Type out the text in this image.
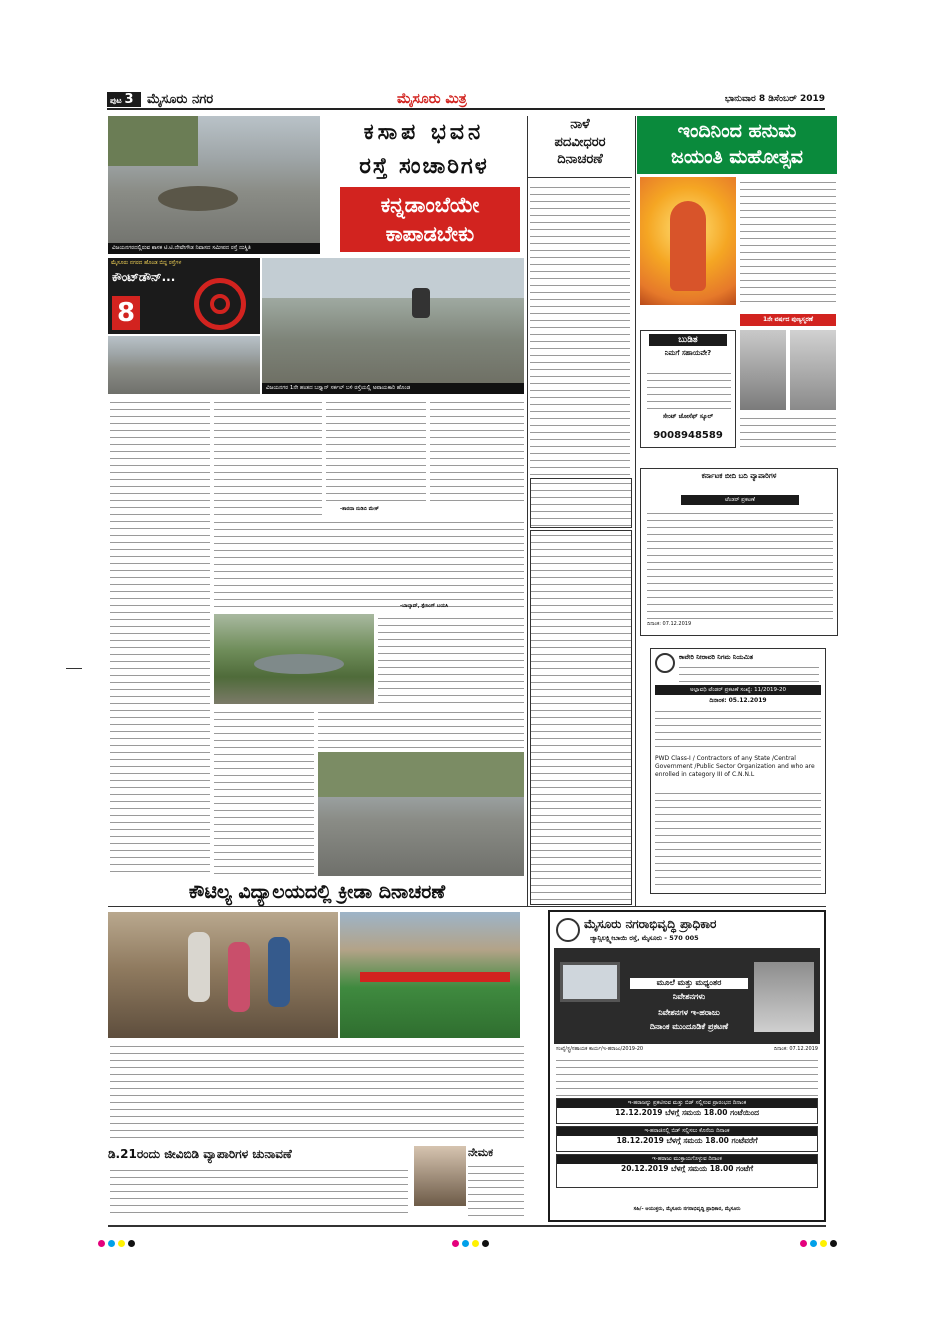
ಪುಟ 3	ಮೈಸೂರು ನಗರ	ಮೈಸೂರು ಮಿತ್ರ	ಭಾನುವಾರ 8 ಡಿಸೆಂಬರ್ 2019
ವಿಜಯನಗರದಲ್ಲಿರುವ ಶಾಸಕ ಟಿ.ಟಿ.ದೇವೇಗೌಡ ನಿವಾಸದ ಸಮೀಪದ ರಸ್ತೆ ದುಸ್ಥಿತಿ
ಕಸಾಪ ಭವನ
ರಸ್ತೆ ಸಂಚಾರಿಗಳ
ಕನ್ನಡಾಂಬೆಯೇ
ಕಾಪಾಡಬೇಕು
ನಾಳೆ
ಪದವೀಧರರ
ದಿನಾಚರಣೆ
ಇಂದಿನಿಂದ ಹನುಮ
ಜಯಂತಿ ಮಹೋತ್ಸವ
1ನೇ ವರ್ಷದ ಪುಣ್ಯಸ್ಮರಣೆ
ಬುಡಿತ
ನಿಮಗೆ ಸಹಾಯವೇ?
ಸೇಂಟ್ ಜೋಸೆಫ್ ಸ್ಕೂಲ್
9008948589
ಮೈಸೂರು ನಗರದ ಹೊಂಡ ಬಿದ್ದ ರಸ್ತೆಗಳ
ಕೌಂಟ್‌ಡೌನ್...
8
ವಿಜಯನಗರ 1ನೇ ಹಂತದ ಬಸ್ತ್ಯಾನ್ ಸರ್ಕಲ್ ಬಳಿ ರಸ್ತೆಯಲ್ಲಿ ಅಪಾಯಕಾರಿ ಹೊಂಡ
-ಶಾರದಾ ನುಡಿಬಿ ಮೇಕ್
-ಬಾಲ್ಕಾವ್, ಸ್ಪೇಸಿಂಗ್ ಬಯಸಿ
ಕರ್ನಾಟಕ ಬೀದಿ ಬದಿ ವ್ಯಾಪಾರಿಗಳ
ಟೆಂಡರ್ ಪ್ರಕಟಣೆ
ದಿನಾಂಕ: 07.12.2019
ಕಾವೇರಿ ನೀರಾವರಿ ನಿಗಮ ನಿಯಮಿತ
ಅಲ್ಪಾವಧಿ ಟೆಂಡರ್ ಪ್ರಕಟಣೆ ಸಂಖ್ಯೆ: 11/2019-20
ದಿನಾಂಕ: 05.12.2019
PWD Class-I / Contractors of any State /Central Government /Public Sector Organization and who are enrolled in category III of C.N.N.L
ಕೌಟಿಲ್ಯ ವಿದ್ಯಾಲಯದಲ್ಲಿ ಕ್ರೀಡಾ ದಿನಾಚರಣೆ
ಡಿ.21ರಂದು ಜೀವಿಬಿಡಿ ವ್ಯಾಪಾರಿಗಳ ಚುನಾವಣೆ	ನೇಮಕ
ಮೈಸೂರು ನಗರಾಭಿವೃದ್ಧಿ ಪ್ರಾಧಿಕಾರ
ಜ್ಯಾನ್ಸಿಲಕ್ಷ್ಮೀಬಾಯಿ ರಸ್ತೆ, ಮೈಸೂರು - 570 005
ಮೂಲೆ ಮತ್ತು ಮಧ್ಯಂತರ
ನಿವೇಶನಗಳು
ನಿವೇಶನಗಳ ಇ-ಹರಾಜು
ದಿನಾಂಕ ಮುಂದೂಡಿಕೆ ಪ್ರಕಟಣೆ
ಸಂಖ್ಯೆ/ಸ್ಟ್ರ/ಸಹಾಯಕ ಕಾರ್ಯ/ಇ-ಹರಾಜು/2019-20	ದಿನಾಂಕ: 07.12.2019
ಇ-ಹರಾಜನ್ನು ಪ್ರಕಟಿಸುವ ಮತ್ತು ಬಿಡ್ ಸಲ್ಲಿಸುವ ಪ್ರಾರಂಭದ ದಿನಾಂಕ
12.12.2019 ಬೆಳಗ್ಗೆ ಸಮಯ 18.00 ಗಂಟೆಯಿಂದ
ಇ-ಹರಾಜಿನಲ್ಲಿ ಬಿಡ್ ಸಲ್ಲಿಸಲು ಕೊನೆಯ ದಿನಾಂಕ
18.12.2019 ಬೆಳಗ್ಗೆ ಸಮಯ 18.00 ಗಂಟೆವರೆಗೆ
ಇ-ಹರಾಜು ಮುಕ್ತಾಯಗೊಳ್ಳುವ ದಿನಾಂಕ
20.12.2019 ಬೆಳಗ್ಗೆ ಸಮಯ 18.00 ಗಂಟೆಗೆ
ಸಹಿ/- ಆಯುಕ್ತರು, ಮೈಸೂರು ನಗರಾಭಿವೃದ್ಧಿ ಪ್ರಾಧಿಕಾರ, ಮೈಸೂರು
